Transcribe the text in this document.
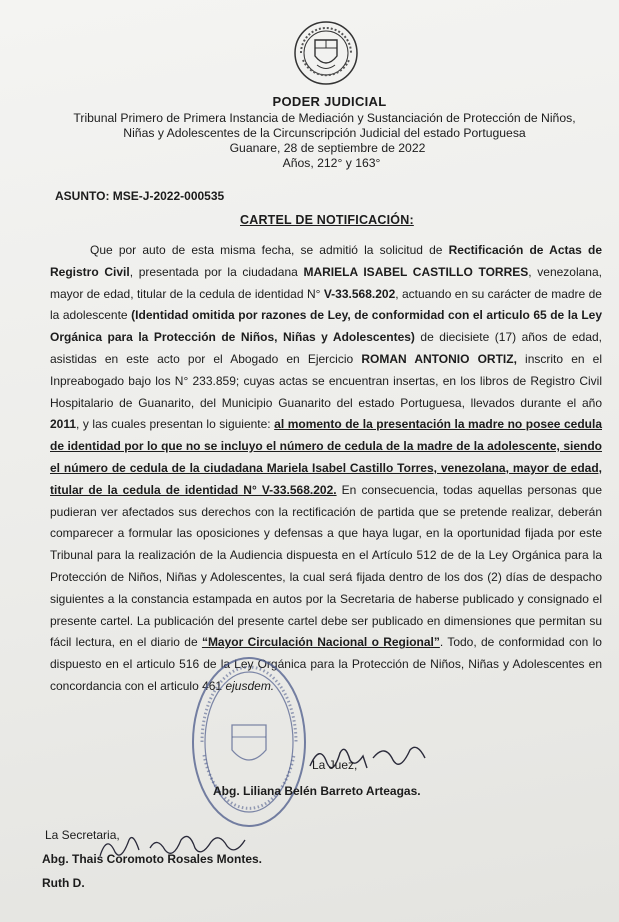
PODER JUDICIAL
Tribunal Primero de Primera Instancia de Mediación y Sustanciación de Protección de Niños,
Niñas y Adolescentes de la Circunscripción Judicial del estado Portuguesa
Guanare, 28 de septiembre de 2022
Años, 212° y 163°
ASUNTO: MSE-J-2022-000535
CARTEL DE NOTIFICACIÓN:
Que por auto de esta misma fecha, se admitió la solicitud de Rectificación de Actas de Registro Civil, presentada por la ciudadana MARIELA ISABEL CASTILLO TORRES, venezolana, mayor de edad, titular de la cedula de identidad N° V-33.568.202, actuando en su carácter de madre de la adolescente (Identidad omitida por razones de Ley, de conformidad con el articulo 65 de la Ley Orgánica para la Protección de Niños, Niñas y Adolescentes) de diecisiete (17) años de edad, asistidas en este acto por el Abogado en Ejercicio ROMAN ANTONIO ORTIZ, inscrito en el Inpreabogado bajo los N° 233.859; cuyas actas se encuentran insertas, en los libros de Registro Civil Hospitalario de Guanarito, del Municipio Guanarito del estado Portuguesa, llevados durante el año 2011, y las cuales presentan lo siguiente: al momento de la presentación la madre no posee cedula de identidad por lo que no se incluyo el número de cedula de la madre de la adolescente, siendo el número de cedula de la ciudadana Mariela Isabel Castillo Torres, venezolana, mayor de edad, titular de la cedula de identidad N° V-33.568.202. En consecuencia, todas aquellas personas que pudieran ver afectados sus derechos con la rectificación de partida que se pretende realizar, deberán comparecer a formular las oposiciones y defensas a que haya lugar, en la oportunidad fijada por este Tribunal para la realización de la Audiencia dispuesta en el Artículo 512 de de la Ley Orgánica para la Protección de Niños, Niñas y Adolescentes, la cual será fijada dentro de los dos (2) días de despacho siguientes a la constancia estampada en autos por la Secretaria de haberse publicado y consignado el presente cartel. La publicación del presente cartel debe ser publicado en dimensiones que permitan su fácil lectura, en el diario de “Mayor Circulación Nacional o Regional”. Todo, de conformidad con lo dispuesto en el articulo 516 de la Ley Orgánica para la Protección de Niños, Niñas y Adolescentes en concordancia con el articulo 461 ejusdem.
La Juez,
Abg. Liliana Belén Barreto Arteagas.
La Secretaria,
Abg. Thais Coromoto Rosales Montes.
Ruth D.
